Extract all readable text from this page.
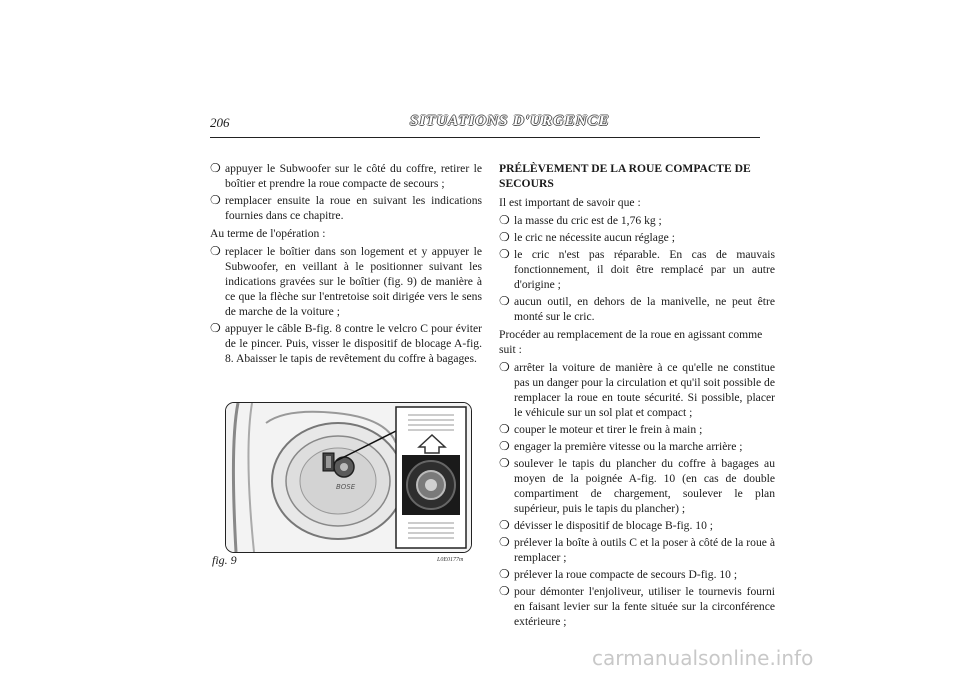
206	SITUATIONS D'URGENCE
❍ appuyer le Subwoofer sur le côté du coffre, retirer le boîtier et prendre la roue compacte de secours ;
❍ remplacer ensuite la roue en suivant les indications fournies dans ce chapitre.

Au terme de l'opération :

❍ replacer le boîtier dans son logement et y appuyer le Subwoofer, en veillant à le positionner suivant les indications gravées sur le boîtier (fig. 9) de manière à ce que la flèche sur l'entretoise soit dirigée vers le sens de marche de la voiture ;
❍ appuyer le câble B-fig. 8 contre le velcro C pour éviter de le pincer. Puis, visser le dispositif de blocage A-fig. 8. Abaisser le tapis de revêtement du coffre à bagages.
BOSE
fig. 9	L0E0177m

PRÉLÈVEMENT DE LA ROUE COMPACTE DE SECOURS

Il est important de savoir que :

❍ la masse du cric est de 1,76 kg ;
❍ le cric ne nécessite aucun réglage ;
❍ le cric n'est pas réparable. En cas de mauvais fonctionnement, il doit être remplacé par un autre d'origine ;
❍ aucun outil, en dehors de la manivelle, ne peut être monté sur le cric.

Procéder au remplacement de la roue en agissant comme suit :

❍ arrêter la voiture de manière à ce qu'elle ne constitue pas un danger pour la circulation et qu'il soit possible de remplacer la roue en toute sécurité. Si possible, placer le véhicule sur un sol plat et compact ;
❍ couper le moteur et tirer le frein à main ;
❍ engager la première vitesse ou la marche arrière ;
❍ soulever le tapis du plancher du coffre à bagages au moyen de la poignée A-fig. 10 (en cas de double compartiment de chargement, soulever le plan supérieur, puis le tapis du plancher) ;
❍ dévisser le dispositif de blocage B-fig. 10 ;
❍ prélever la boîte à outils C et la poser à côté de la roue à remplacer ;
❍ prélever la roue compacte de secours D-fig. 10 ;
❍ pour démonter l'enjoliveur, utiliser le tournevis fourni en faisant levier sur la fente située sur la circonférence extérieure ;
carmanualsonline.info
